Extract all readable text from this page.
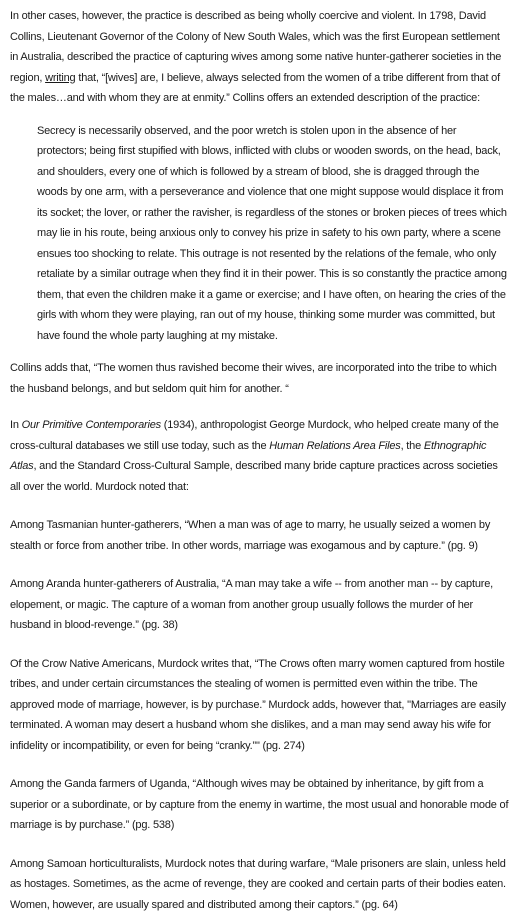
In other cases, however, the practice is described as being wholly coercive and violent. In 1798, David Collins, Lieutenant Governor of the Colony of New South Wales, which was the first European settlement in Australia, described the practice of capturing wives among some native hunter-gatherer societies in the region, writing that, “[wives] are, I believe, always selected from the women of a tribe different from that of the males…and with whom they are at enmity.” Collins offers an extended description of the practice:

Secrecy is necessarily observed, and the poor wretch is stolen upon in the absence of her protectors; being first stupified with blows, inflicted with clubs or wooden swords, on the head, back, and shoulders, every one of which is followed by a stream of blood, she is dragged through the woods by one arm, with a perseverance and violence that one might suppose would displace it from its socket; the lover, or rather the ravisher, is regardless of the stones or broken pieces of trees which may lie in his route, being anxious only to convey his prize in safety to his own party, where a scene ensues too shocking to relate. This outrage is not resented by the relations of the female, who only retaliate by a similar outrage when they find it in their power. This is so constantly the practice among them, that even the children make it a game or exercise; and I have often, on hearing the cries of the girls with whom they were playing, ran out of my house, thinking some murder was committed, but have found the whole party laughing at my mistake.

Collins adds that, “The women thus ravished become their wives, are incorporated into the tribe to which the husband belongs, and but seldom quit him for another. “

In Our Primitive Contemporaries (1934), anthropologist George Murdock, who helped create many of the cross-cultural databases we still use today, such as the Human Relations Area Files, the Ethnographic Atlas, and the Standard Cross-Cultural Sample, described many bride capture practices across societies all over the world. Murdock noted that:

Among Tasmanian hunter-gatherers, “When a man was of age to marry, he usually seized a women by stealth or force from another tribe. In other words, marriage was exogamous and by capture.” (pg. 9)

Among Aranda hunter-gatherers of Australia, “A man may take a wife -- from another man -- by capture, elopement, or magic. The capture of a woman from another group usually follows the murder of her husband in blood-revenge.” (pg. 38)

Of the Crow Native Americans, Murdock writes that, “The Crows often marry women captured from hostile tribes, and under certain circumstances the stealing of women is permitted even within the tribe. The approved mode of marriage, however, is by purchase.” Murdock adds, however that, "Marriages are easily terminated. A woman may desert a husband whom she dislikes, and a man may send away his wife for infidelity or incompatibility, or even for being “cranky.”" (pg. 274)

Among the Ganda farmers of Uganda, “Although wives may be obtained by inheritance, by gift from a superior or a subordinate, or by capture from the enemy in wartime, the most usual and honorable mode of marriage is by purchase.” (pg. 538)

Among Samoan horticulturalists, Murdock notes that during warfare, “Male prisoners are slain, unless held as hostages. Sometimes, as the acme of revenge, they are cooked and certain parts of their bodies eaten. Women, however, are usually spared and distributed among their captors.” (pg. 64)
